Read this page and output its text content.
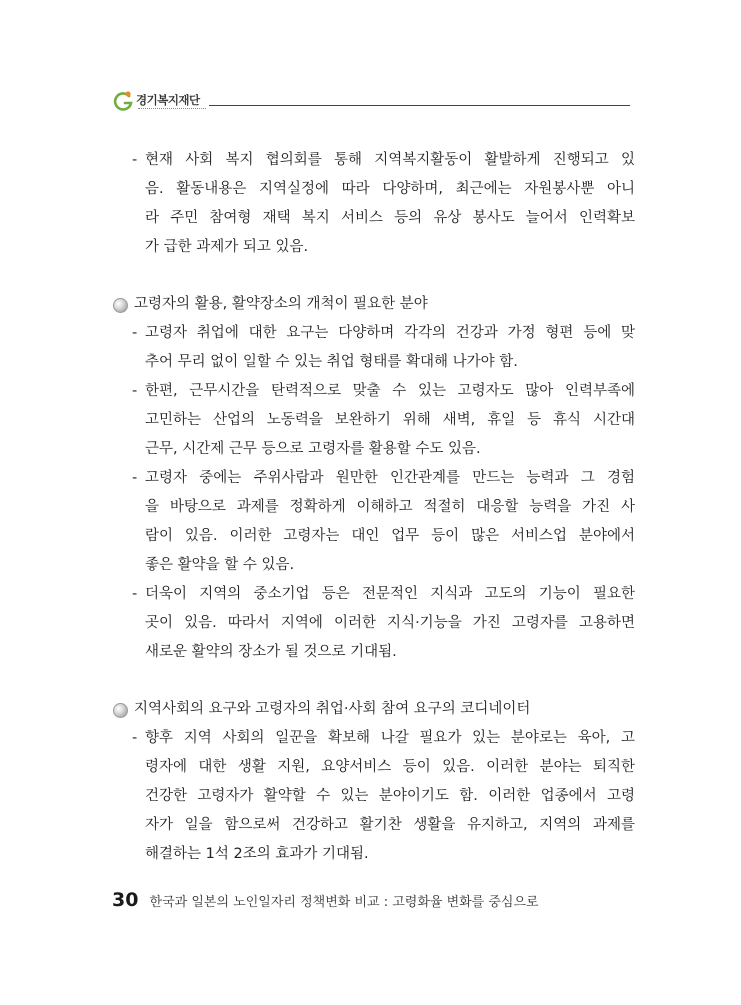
경기복지재단
- 현재 사회 복지 협의회를 통해 지역복지활동이 활발하게 진행되고 있
음. 활동내용은 지역실정에 따라 다양하며, 최근에는 자원봉사뿐 아니
라 주민 참여형 재택 복지 서비스 등의 유상 봉사도 늘어서 인력확보
가 급한 과제가 되고 있음.
고령자의 활용, 활약장소의 개척이 필요한 분야
- 고령자 취업에 대한 요구는 다양하며 각각의 건강과 가정 형편 등에 맞
추어 무리 없이 일할 수 있는 취업 형태를 확대해 나가야 함.
- 한편, 근무시간을 탄력적으로 맞출 수 있는 고령자도 많아 인력부족에
고민하는 산업의 노동력을 보완하기 위해 새벽, 휴일 등 휴식 시간대
근무, 시간제 근무 등으로 고령자를 활용할 수도 있음.
- 고령자 중에는 주위사람과 원만한 인간관계를 만드는 능력과 그 경험
을 바탕으로 과제를 정확하게 이해하고 적절히 대응할 능력을 가진 사
람이 있음. 이러한 고령자는 대인 업무 등이 많은 서비스업 분야에서
좋은 활약을 할 수 있음.
- 더욱이 지역의 중소기업 등은 전문적인 지식과 고도의 기능이 필요한
곳이 있음. 따라서 지역에 이러한 지식·기능을 가진 고령자를 고용하면
새로운 활약의 장소가 될 것으로 기대됨.
지역사회의 요구와 고령자의 취업·사회 참여 요구의 코디네이터
- 향후 지역 사회의 일꾼을 확보해 나갈 필요가 있는 분야로는 육아, 고
령자에 대한 생활 지원, 요양서비스 등이 있음. 이러한 분야는 퇴직한
건강한 고령자가 활약할 수 있는 분야이기도 함. 이러한 업종에서 고령
자가 일을 함으로써 건강하고 활기찬 생활을 유지하고, 지역의 과제를
해결하는 1석 2조의 효과가 기대됨.
30 한국과 일본의 노인일자리 정책변화 비교 : 고령화율 변화를 중심으로
